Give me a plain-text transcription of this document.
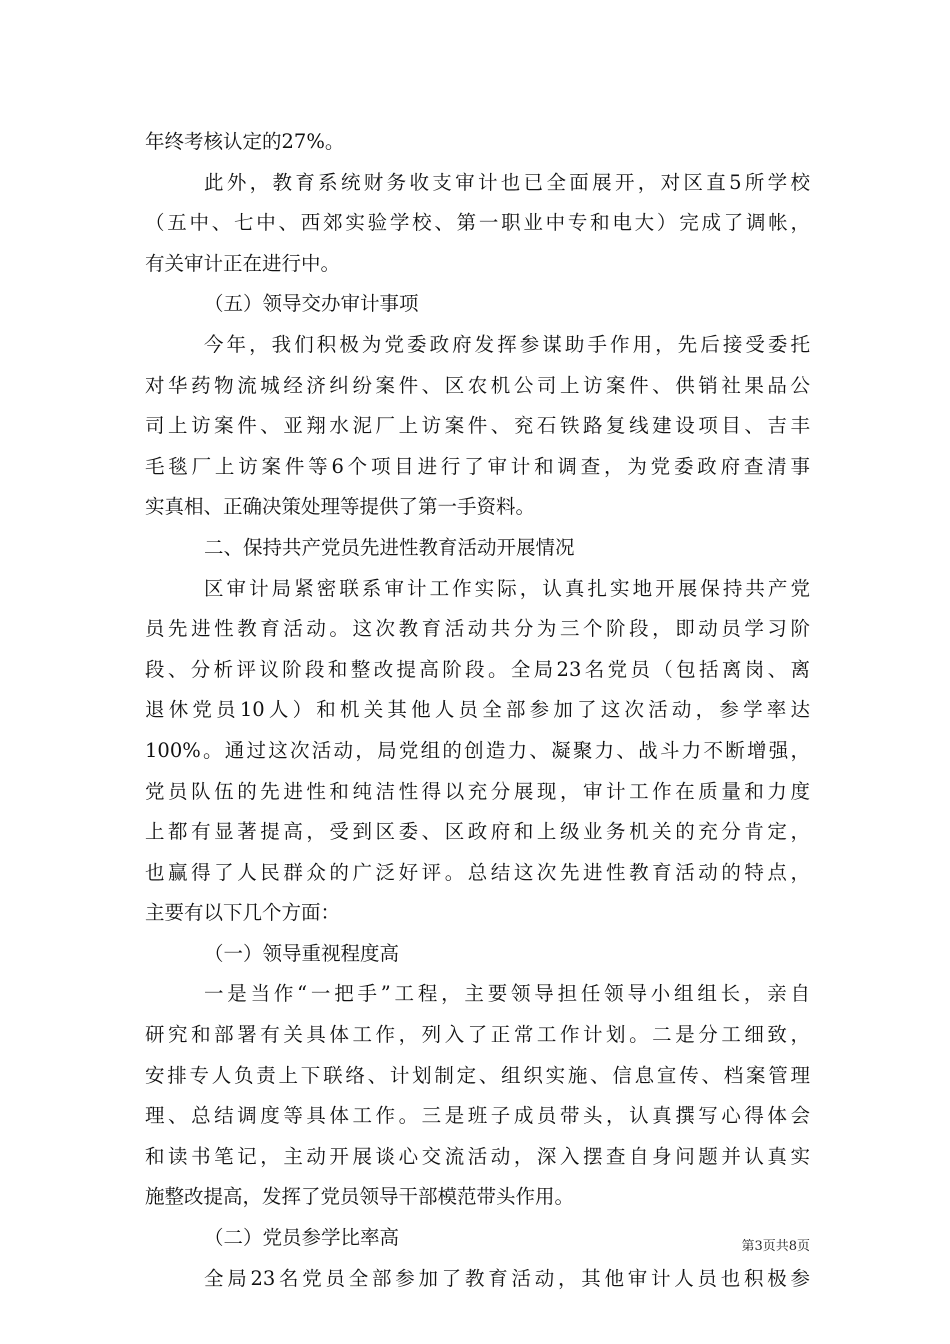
年终考核认定的27%。
此外，教育系统财务收支审计也已全面展开，对区直5所学校
（五中、七中、西郊实验学校、第一职业中专和电大）完成了调帐，
有关审计正在进行中。
（五）领导交办审计事项
今年，我们积极为党委政府发挥参谋助手作用，先后接受委托
对华药物流城经济纠纷案件、区农机公司上访案件、供销社果品公
司上访案件、亚翔水泥厂上访案件、兖石铁路复线建设项目、吉丰
毛毯厂上访案件等6个项目进行了审计和调查，为党委政府查清事
实真相、正确决策处理等提供了第一手资料。
二、保持共产党员先进性教育活动开展情况
区审计局紧密联系审计工作实际，认真扎实地开展保持共产党
员先进性教育活动。这次教育活动共分为三个阶段，即动员学习阶
段、分析评议阶段和整改提高阶段。全局23名党员（包括离岗、离
退休党员10人）和机关其他人员全部参加了这次活动，参学率达
100%。通过这次活动，局党组的创造力、凝聚力、战斗力不断增强，
党员队伍的先进性和纯洁性得以充分展现，审计工作在质量和力度
上都有显著提高，受到区委、区政府和上级业务机关的充分肯定，
也赢得了人民群众的广泛好评。总结这次先进性教育活动的特点，
主要有以下几个方面：
（一）领导重视程度高
一是当作“一把手”工程，主要领导担任领导小组组长，亲自
研究和部署有关具体工作，列入了正常工作计划。二是分工细致，
安排专人负责上下联络、计划制定、组织实施、信息宣传、档案管理
理、总结调度等具体工作。三是班子成员带头，认真撰写心得体会
和读书笔记，主动开展谈心交流活动，深入摆查自身问题并认真实
施整改提高，发挥了党员领导干部模范带头作用。
（二）党员参学比率高
全局23名党员全部参加了教育活动，其他审计人员也积极参
第3页共8页
